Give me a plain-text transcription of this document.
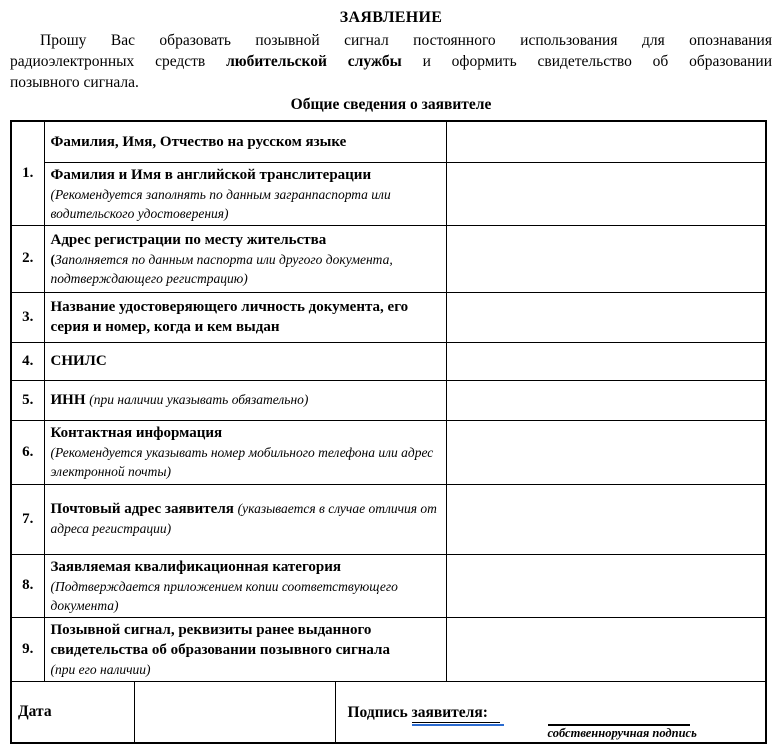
ЗАЯВЛЕНИЕ
Прошу Вас образовать позывной сигнал постоянного использования для опознавания
радиоэлектронных средств любительской службы и оформить свидетельство об образовании
позывного сигнала.
Общие сведения о заявителе
1.	Фамилия, Имя, Отчество на русском языке			
	Фамилия и Имя в английской транслитерации
(Рекомендуется заполнять по данным загранпаспорта или водительского удостоверения)			

2.	Адрес регистрации по месту жительства
(Заполняется по данным паспорта или другого документа, подтверждающего регистрацию)			

3.	Название удостоверяющего личность документа, его серия и номер, когда и кем выдан			
4.	СНИЛС			
5.	ИНН (при наличии указывать обязательно)			
6.	Контактная информация
(Рекомендуется указывать номер мобильного телефона или адрес электронной почты)			

7.	Почтовый адрес заявителя (указывается в случае отличия от адреса регистрации)			
8.	Заявляемая квалификационная категория
(Подтверждается приложением копии соответствующего документа)			

9.	Позывной сигнал, реквизиты ранее выданного свидетельства об образовании позывного сигнала
(при его наличии)			

Дата			Подпись заявителя:
собственноручная подпись	
